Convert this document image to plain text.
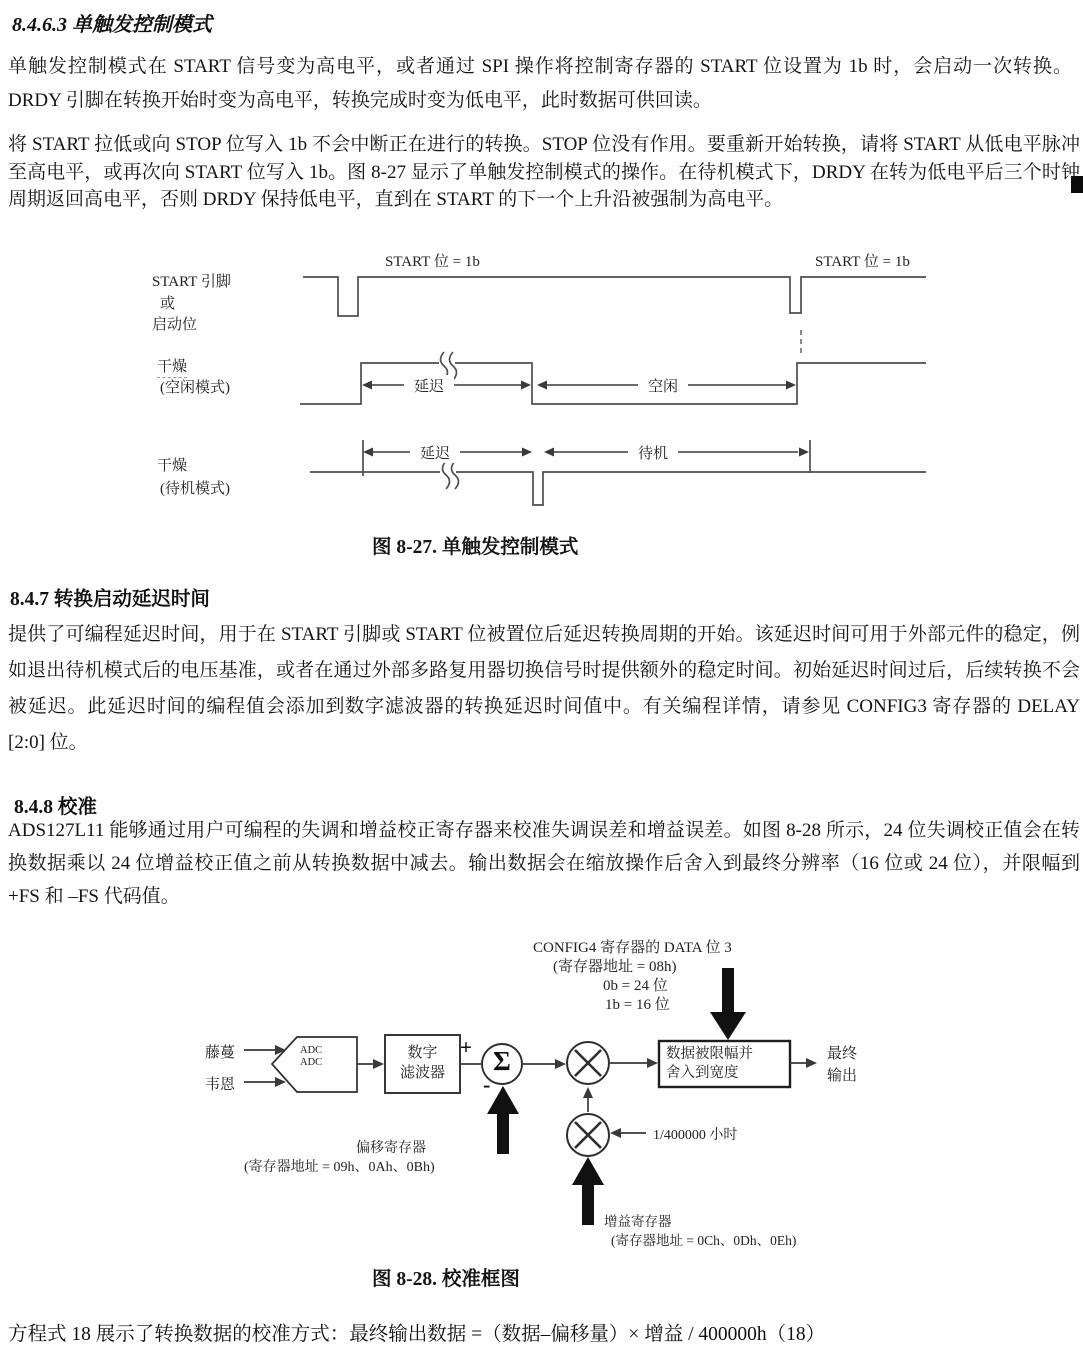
8.4.6.3 单触发控制模式
单触发控制模式在 START 信号变为高电平，或者通过 SPI 操作将控制寄存器的 START 位设置为 1b 时，会启动一次转换。DRDY 引脚在转换开始时变为高电平，转换完成时变为低电平，此时数据可供回读。
将 START 拉低或向 STOP 位写入 1b 不会中断正在进行的转换。STOP 位没有作用。要重新开始转换，请将 START 从低电平脉冲至高电平，或再次向 START 位写入 1b。图 8-27 显示了单触发控制模式的操作。在待机模式下，DRDY 在转为低电平后三个时钟周期返回高电平，否则 DRDY 保持低电平，直到在 START 的下一个上升沿被强制为高电平。
START 位 = 1b	START 位 = 1b
START 引脚
或
启动位
干燥
(空闲模式)	延迟	空闲
延迟	待机
干燥
(待机模式)
图 8-27. 单触发控制模式
8.4.7 转换启动延迟时间
提供了可编程延迟时间，用于在 START 引脚或 START 位被置位后延迟转换周期的开始。该延迟时间可用于外部元件的稳定，例如退出待机模式后的电压基准，或者在通过外部多路复用器切换信号时提供额外的稳定时间。初始延迟时间过后，后续转换不会被延迟。此延迟时间的编程值会添加到数字滤波器的转换延迟时间值中。有关编程详情，请参见 CONFIG3 寄存器的 DELAY [2:0] 位。
8.4.8 校准
ADS127L11 能够通过用户可编程的失调和增益校正寄存器来校准失调误差和增益误差。如图 8-28 所示，24 位失调校正值会在转换数据乘以 24 位增益校正值之前从转换数据中减去。输出数据会在缩放操作后舍入到最终分辨率（16 位或 24 位），并限幅到 +FS 和 –FS 代码值。
CONFIG4 寄存器的 DATA 位 3
(寄存器地址 = 08h)
0b = 24 位
1b = 16 位
藤蔓
韦恩
ADC
ADC
数字
滤波器
+
-
Σ	数据被限幅并
舍入到宽度
最终
输出
1/400000 小时
偏移寄存器
(寄存器地址 = 09h、0Ah、0Bh)
增益寄存器
(寄存器地址 = 0Ch、0Dh、0Eh)
图 8-28. 校准框图
方程式 18 展示了转换数据的校准方式：最终输出数据 =（数据–偏移量）× 增益 / 400000h（18）
